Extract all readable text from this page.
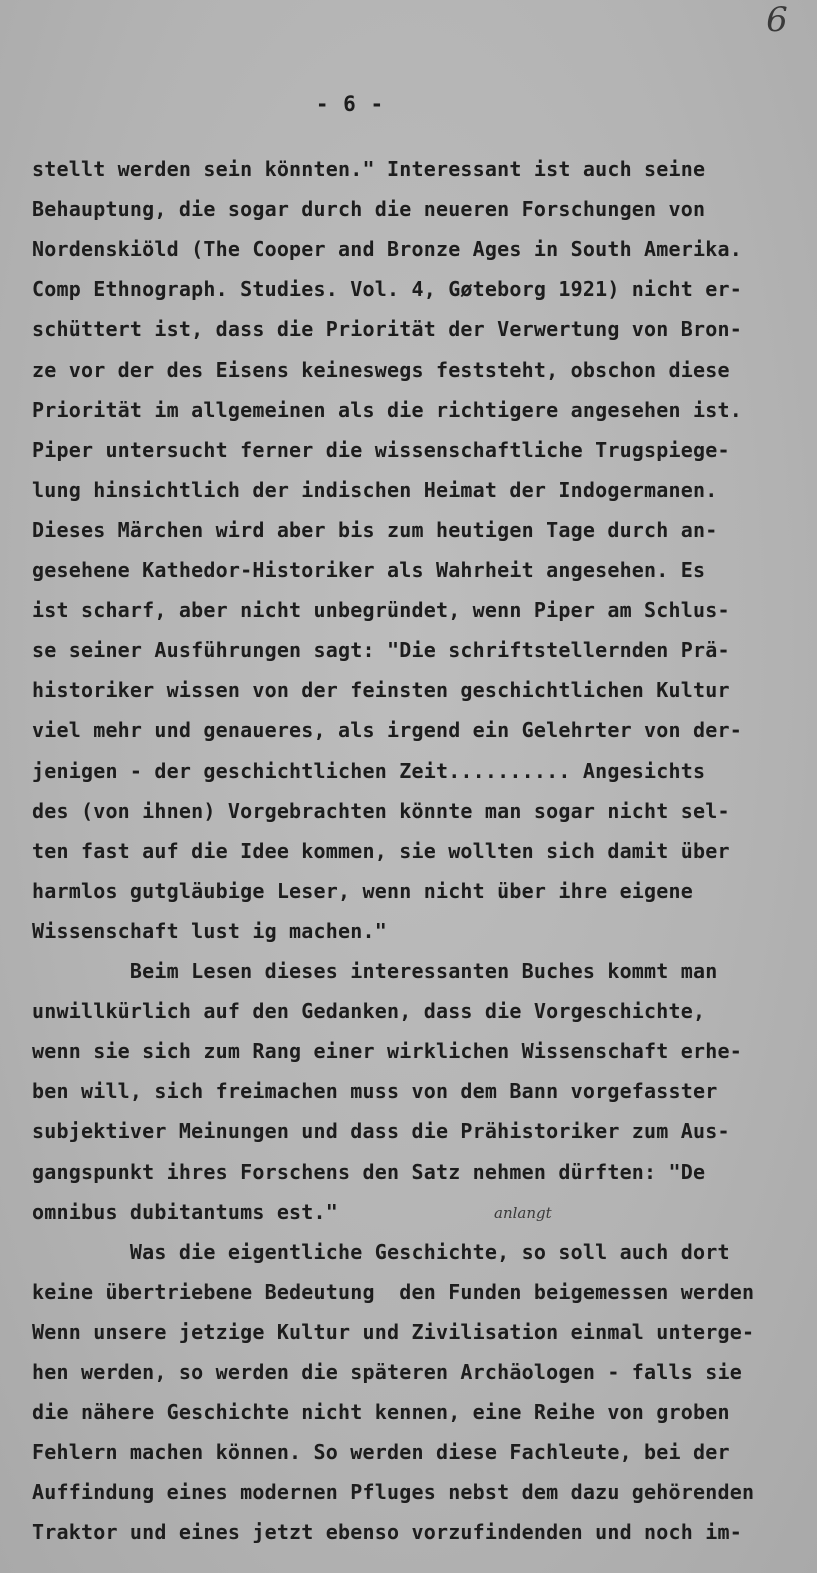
6
- 6 -
anlangt
stellt werden sein könnten." Interessant ist auch seine
Behauptung, die sogar durch die neueren Forschungen von
Nordenskiöld (The Cooper and Bronze Ages in South Amerika.
Comp Ethnograph. Studies. Vol. 4, Gøteborg 1921) nicht er-
schüttert ist, dass die Priorität der Verwertung von Bron-
ze vor der des Eisens keineswegs feststeht, obschon diese
Priorität im allgemeinen als die richtigere angesehen ist.
Piper untersucht ferner die wissenschaftliche Trugspiege-
lung hinsichtlich der indischen Heimat der Indogermanen.
Dieses Märchen wird aber bis zum heutigen Tage durch an-
gesehene Kathedor-Historiker als Wahrheit angesehen. Es
ist scharf, aber nicht unbegründet, wenn Piper am Schlus-
se seiner Ausführungen sagt: "Die schriftstellernden Prä-
historiker wissen von der feinsten geschichtlichen Kultur
viel mehr und genaueres, als irgend ein Gelehrter von der-
jenigen - der geschichtlichen Zeit.......... Angesichts
des (von ihnen) Vorgebrachten könnte man sogar nicht sel-
ten fast auf die Idee kommen, sie wollten sich damit über
harmlos gutgläubige Leser, wenn nicht über ihre eigene
Wissenschaft lust ig machen."
Beim Lesen dieses interessanten Buches kommt man
unwillkürlich auf den Gedanken, dass die Vorgeschichte,
wenn sie sich zum Rang einer wirklichen Wissenschaft erhe-
ben will, sich freimachen muss von dem Bann vorgefasster
subjektiver Meinungen und dass die Prähistoriker zum Aus-
gangspunkt ihres Forschens den Satz nehmen dürften: "De
omnibus dubitantums est."
Was die eigentliche Geschichte, so soll auch dort
keine übertriebene Bedeutung  den Funden beigemessen werden
Wenn unsere jetzige Kultur und Zivilisation einmal unterge-
hen werden, so werden die späteren Archäologen - falls sie
die nähere Geschichte nicht kennen, eine Reihe von groben
Fehlern machen können. So werden diese Fachleute, bei der
Auffindung eines modernen Pfluges nebst dem dazu gehörenden
Traktor und eines jetzt ebenso vorzufindenden und noch im-
